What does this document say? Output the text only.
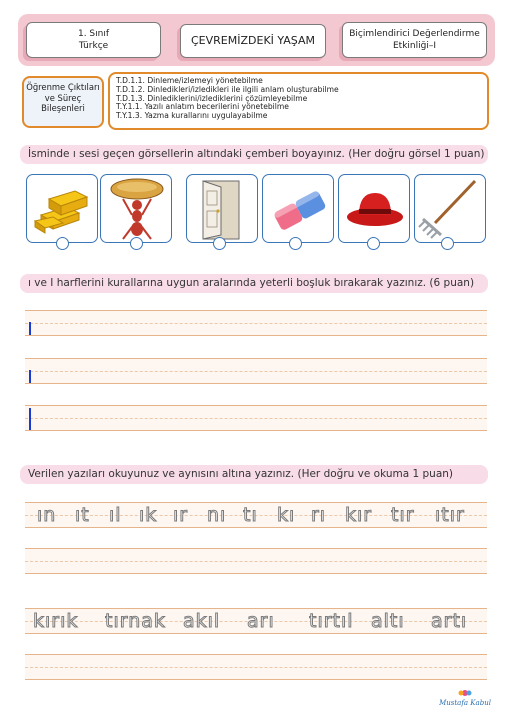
1. Sınıf
Türkçe	ÇEVREMİZDEKİ YAŞAM	Biçimlendirici Değerlendirme
Etkinliği–I
Öğrenme Çıktıları
ve Süreç
Bileşenleri
T.D.1.1. Dinleme/izlemeyi yönetebilme
T.D.1.2. Dinledikleri/izledikleri ile ilgili anlam oluşturabilme
T.D.1.3. Dinlediklerini/izlediklerini çözümleyebilme
T.Y.1.1. Yazılı anlatım becerilerini yönetebilme
T.Y.1.3. Yazma kurallarını uygulayabilme
İsminde ı sesi geçen görsellerin altındaki çemberi boyayınız. (Her doğru görsel 1 puan)
ı ve I harflerini kurallarına uygun aralarında yeterli boşluk bırakarak yazınız. (6 puan)
Verilen yazıları okuyunuz ve aynısını altına yazınız. (Her doğru ve okuma 1 puan)
ın ıt ıl ık ır nı tı kı rı kır tır ıtır
kırık tırnak akıl arı tırtıl altı artı
Mustafa Kabul
